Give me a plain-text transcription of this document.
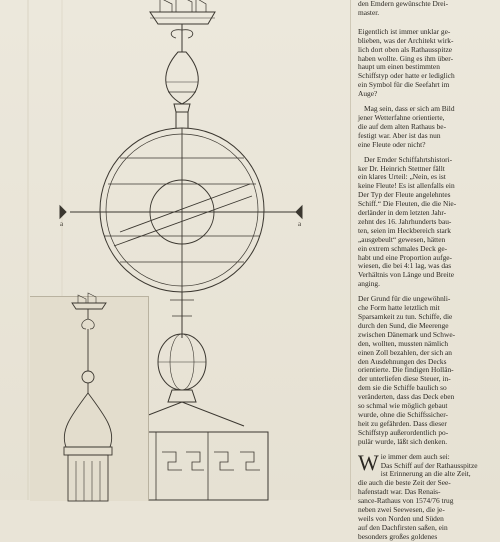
a	a

den Emdern gewünschte Drei-
master.

Eigentlich ist immer unklar ge-
blieben, was der Architekt wirk-
lich dort oben als Rathausspitze
haben wollte. Ging es ihm über-
haupt um einen bestimmten
Schiffstyp oder hatte er lediglich
ein Symbol für die Seefahrt im
Auge?

Mag sein, dass er sich am Bild
jener Wetterfahne orientierte,
die auf dem alten Rathaus be-
festigt war. Aber ist das nun
eine Fleute oder nicht?

Der Emder Schiffahrtshistori-
ker Dr. Heinrich Stettner fällt
ein klares Urteil: „Nein, es ist
keine Fleute! Es ist allenfalls ein
Der Typ der Fleute angelehntes
Schiff.“ Die Fleuten, die die Nie-
derländer in dem letzten Jahr-
zehnt des 16. Jahrhunderts bau-
ten, seien im Heckbereich stark
„ausgebeult“ gewesen, hätten
ein extrem schmales Deck ge-
habt und eine Proportion aufge-
wiesen, die bei 4:1 lag, was das
Verhältnis von Länge und Breite
anging.

Der Grund für die ungewöhnli-
che Form hatte letztlich mit
Sparsamkeit zu tun. Schiffe, die
durch den Sund, die Meerenge
zwischen Dänemark und Schwe-
den, wollten, mussten nämlich
einen Zoll bezahlen, der sich an
den Ausdehnungen des Decks
orientierte. Die findigen Hollän-
der unterliefen diese Steuer, in-
dem sie die Schiffe baulich so
veränderten, dass das Deck eben
so schmal wie möglich gebaut
wurde, ohne die Schiffssicher-
heit zu gefährden. Dass dieser
Schiffstyp außerordentlich po-
pulär wurde, läßt sich denken.

Wie immer dem auch sei:
Das Schiff auf der Rathausspitze
ist Erinnerung an die alte Zeit,
die auch die beste Zeit der See-
hafenstadt war. Das Renais-
sance-Rathaus von 1574/76 trug
neben zwei Seewesen, die je-
weils von Norden und Süden
auf den Dachfirsten saßen, ein
besonders großes goldenes
